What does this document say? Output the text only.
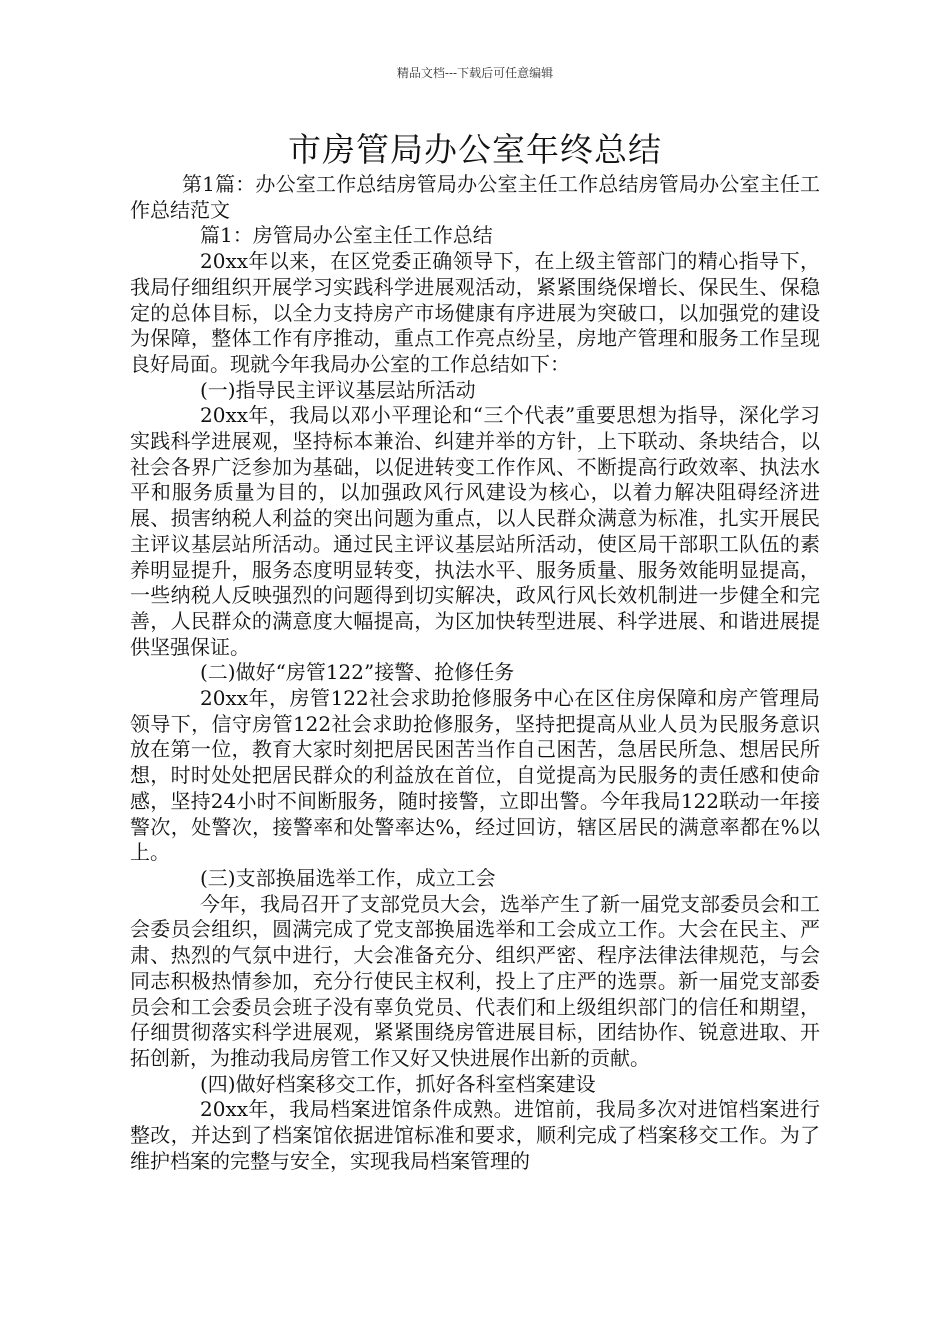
精品文档---下载后可任意编辑
市房管局办公室年终总结

第1篇：办公室工作总结房管局办公室主任工作总结房管局办公室主任工作总结范文

篇1：房管局办公室主任工作总结

20xx年以来，在区党委正确领导下，在上级主管部门的精心指导下，我局仔细组织开展学习实践科学进展观活动，紧紧围绕保增长、保民生、保稳定的总体目标，以全力支持房产市场健康有序进展为突破口，以加强党的建设为保障，整体工作有序推动，重点工作亮点纷呈，房地产管理和服务工作呈现良好局面。现就今年我局办公室的工作总结如下：

(一)指导民主评议基层站所活动

20xx年，我局以邓小平理论和“三个代表”重要思想为指导，深化学习实践科学进展观，坚持标本兼治、纠建并举的方针，上下联动、条块结合，以社会各界广泛参加为基础，以促进转变工作作风、不断提高行政效率、执法水平和服务质量为目的，以加强政风行风建设为核心，以着力解决阻碍经济进展、损害纳税人利益的突出问题为重点，以人民群众满意为标准，扎实开展民主评议基层站所活动。通过民主评议基层站所活动，使区局干部职工队伍的素养明显提升，服务态度明显转变，执法水平、服务质量、服务效能明显提高，一些纳税人反映强烈的问题得到切实解决，政风行风长效机制进一步健全和完善，人民群众的满意度大幅提高，为区加快转型进展、科学进展、和谐进展提供坚强保证。

(二)做好“房管122”接警、抢修任务

20xx年，房管122社会求助抢修服务中心在区住房保障和房产管理局领导下，信守房管122社会求助抢修服务，坚持把提高从业人员为民服务意识放在第一位，教育大家时刻把居民困苦当作自己困苦，急居民所急、想居民所想，时时处处把居民群众的利益放在首位，自觉提高为民服务的责任感和使命感，坚持24小时不间断服务，随时接警，立即出警。今年我局122联动一年接警次，处警次，接警率和处警率达%，经过回访，辖区居民的满意率都在%以上。

(三)支部换届选举工作，成立工会

今年，我局召开了支部党员大会，选举产生了新一届党支部委员会和工会委员会组织，圆满完成了党支部换届选举和工会成立工作。大会在民主、严肃、热烈的气氛中进行，大会准备充分、组织严密、程序法律法律规范，与会同志积极热情参加，充分行使民主权利，投上了庄严的选票。新一届党支部委员会和工会委员会班子没有辜负党员、代表们和上级组织部门的信任和期望，仔细贯彻落实科学进展观，紧紧围绕房管进展目标，团结协作、锐意进取、开拓创新，为推动我局房管工作又好又快进展作出新的贡献。

(四)做好档案移交工作，抓好各科室档案建设

20xx年，我局档案进馆条件成熟。进馆前，我局多次对进馆档案进行整改，并达到了档案馆依据进馆标准和要求，顺利完成了档案移交工作。为了维护档案的完整与安全，实现我局档案管理的
